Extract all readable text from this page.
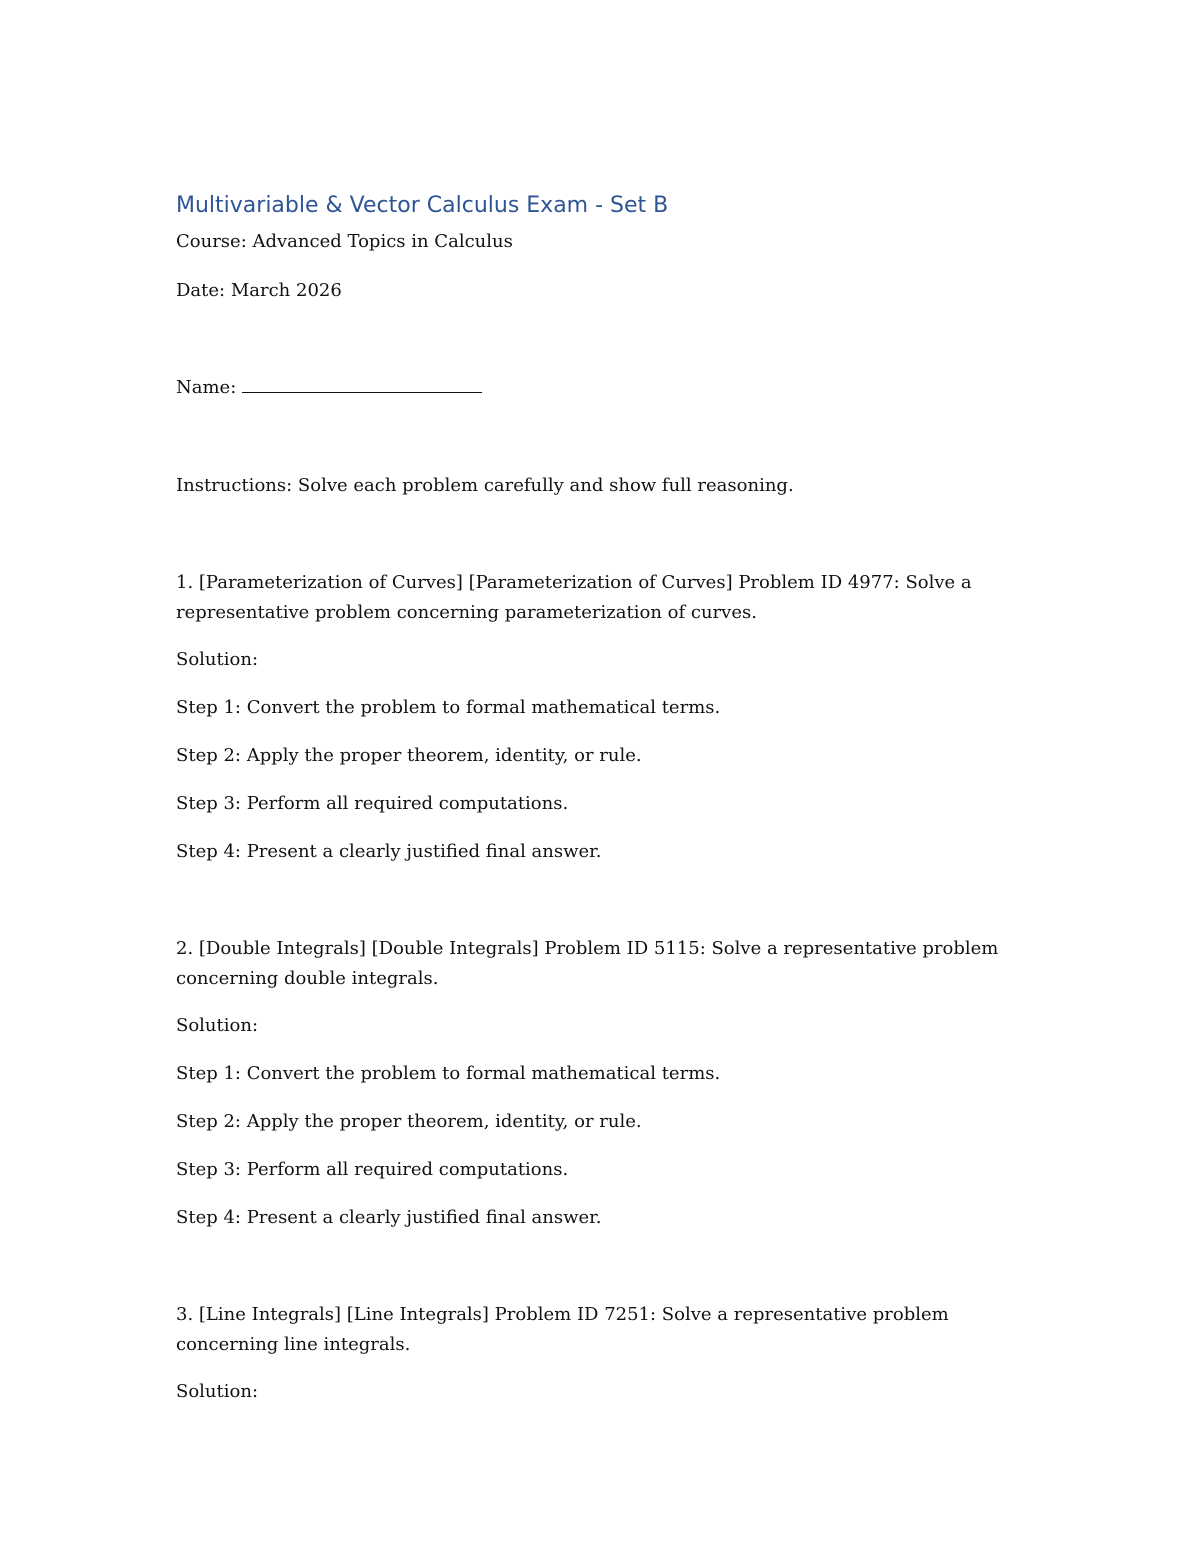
Multivariable & Vector Calculus Exam - Set B

Course: Advanced Topics in Calculus

Date: March 2026

Name:

Instructions: Solve each problem carefully and show full reasoning.

1. [Parameterization of Curves] [Parameterization of Curves] Problem ID 4977: Solve a representative problem concerning parameterization of curves.

Solution:

Step 1: Convert the problem to formal mathematical terms.

Step 2: Apply the proper theorem, identity, or rule.

Step 3: Perform all required computations.

Step 4: Present a clearly justified final answer.

2. [Double Integrals] [Double Integrals] Problem ID 5115: Solve a representative problem concerning double integrals.

Solution:

Step 1: Convert the problem to formal mathematical terms.

Step 2: Apply the proper theorem, identity, or rule.

Step 3: Perform all required computations.

Step 4: Present a clearly justified final answer.

3. [Line Integrals] [Line Integrals] Problem ID 7251: Solve a representative problem concerning line integrals.

Solution:
